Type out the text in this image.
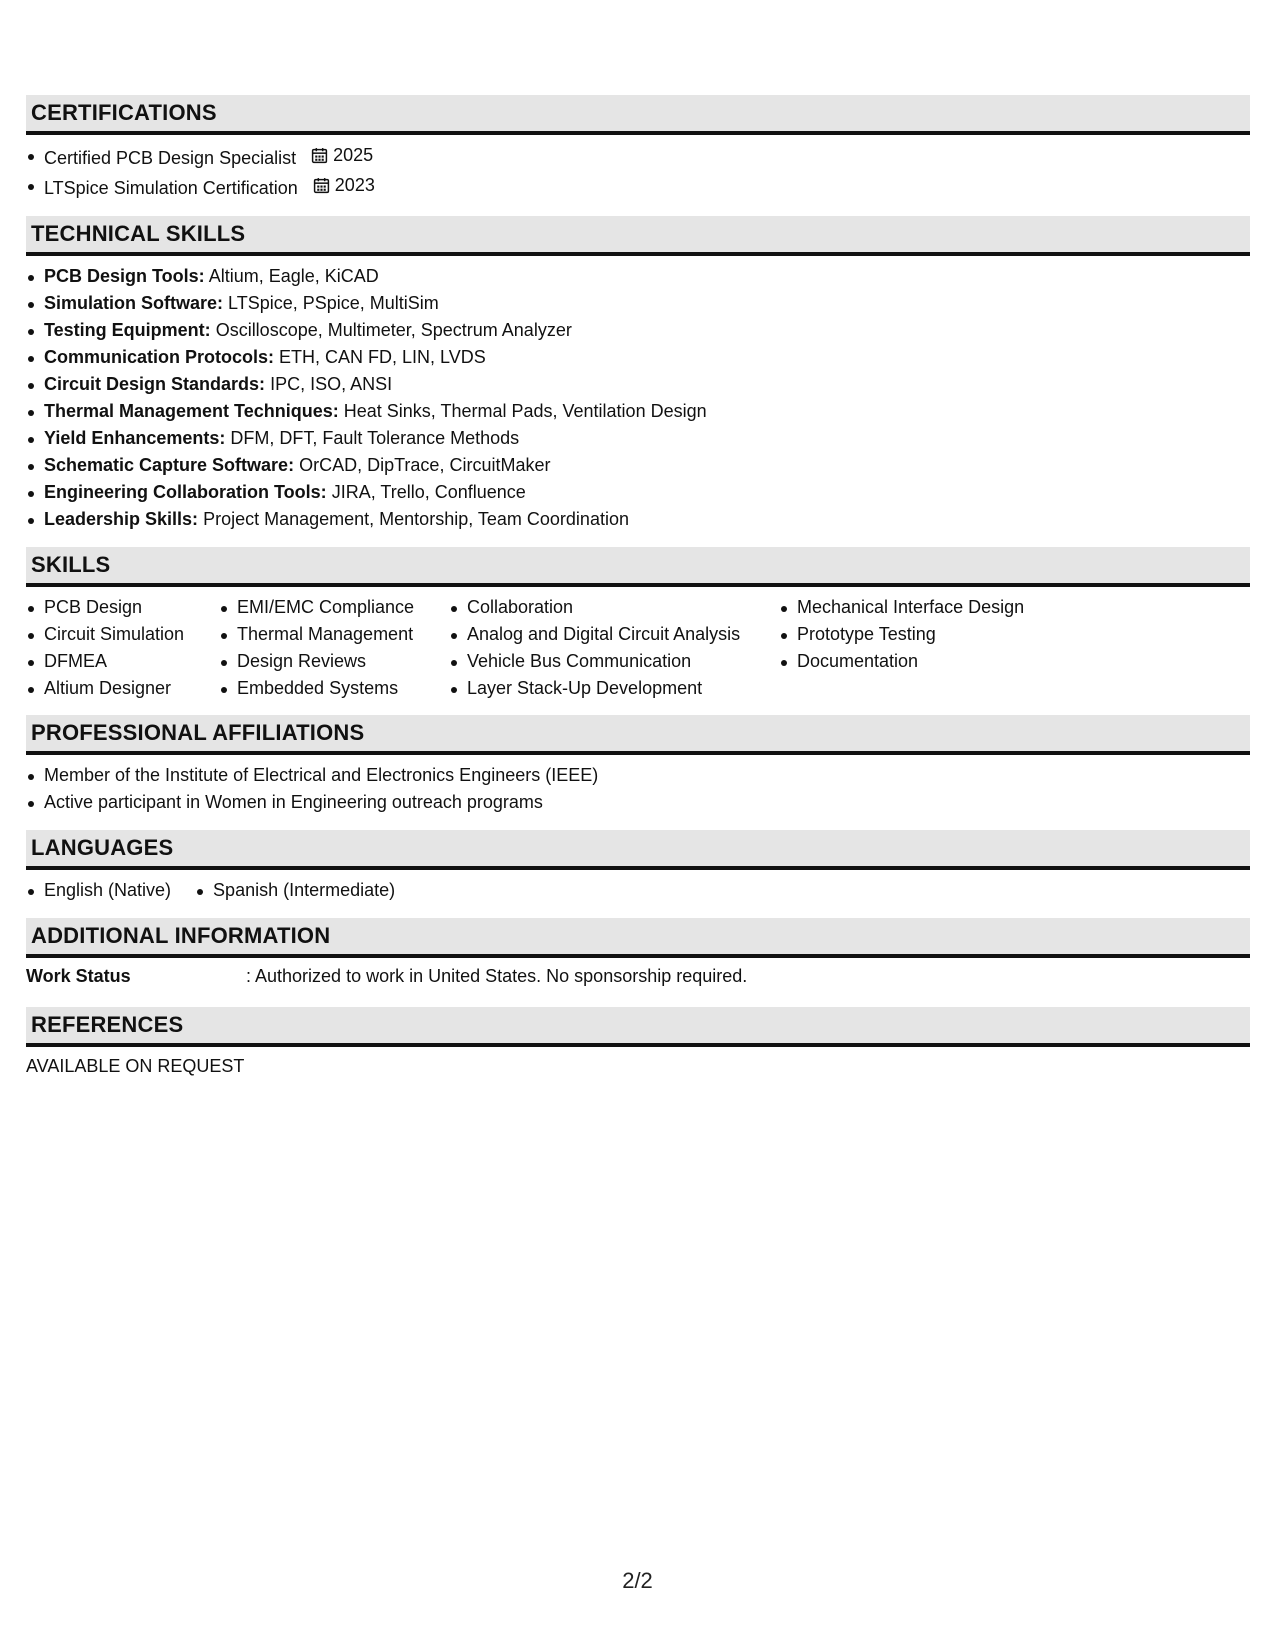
CERTIFICATIONS
Certified PCB Design Specialist 2025
LTSpice Simulation Certification 2023
TECHNICAL SKILLS
PCB Design Tools: Altium, Eagle, KiCAD
Simulation Software: LTSpice, PSpice, MultiSim
Testing Equipment: Oscilloscope, Multimeter, Spectrum Analyzer
Communication Protocols: ETH, CAN FD, LIN, LVDS
Circuit Design Standards: IPC, ISO, ANSI
Thermal Management Techniques: Heat Sinks, Thermal Pads, Ventilation Design
Yield Enhancements: DFM, DFT, Fault Tolerance Methods
Schematic Capture Software: OrCAD, DipTrace, CircuitMaker
Engineering Collaboration Tools: JIRA, Trello, Confluence
Leadership Skills: Project Management, Mentorship, Team Coordination
SKILLS
PCB Design
Circuit Simulation
DFMEA
Altium Designer
EMI/EMC Compliance
Thermal Management
Design Reviews
Embedded Systems
Collaboration
Analog and Digital Circuit Analysis
Vehicle Bus Communication
Layer Stack-Up Development
Mechanical Interface Design
Prototype Testing
Documentation
PROFESSIONAL AFFILIATIONS
Member of the Institute of Electrical and Electronics Engineers (IEEE)
Active participant in Women in Engineering outreach programs
LANGUAGES
English (Native)	Spanish (Intermediate)
ADDITIONAL INFORMATION
Work Status	: Authorized to work in United States. No sponsorship required.
REFERENCES
AVAILABLE ON REQUEST
2/2
